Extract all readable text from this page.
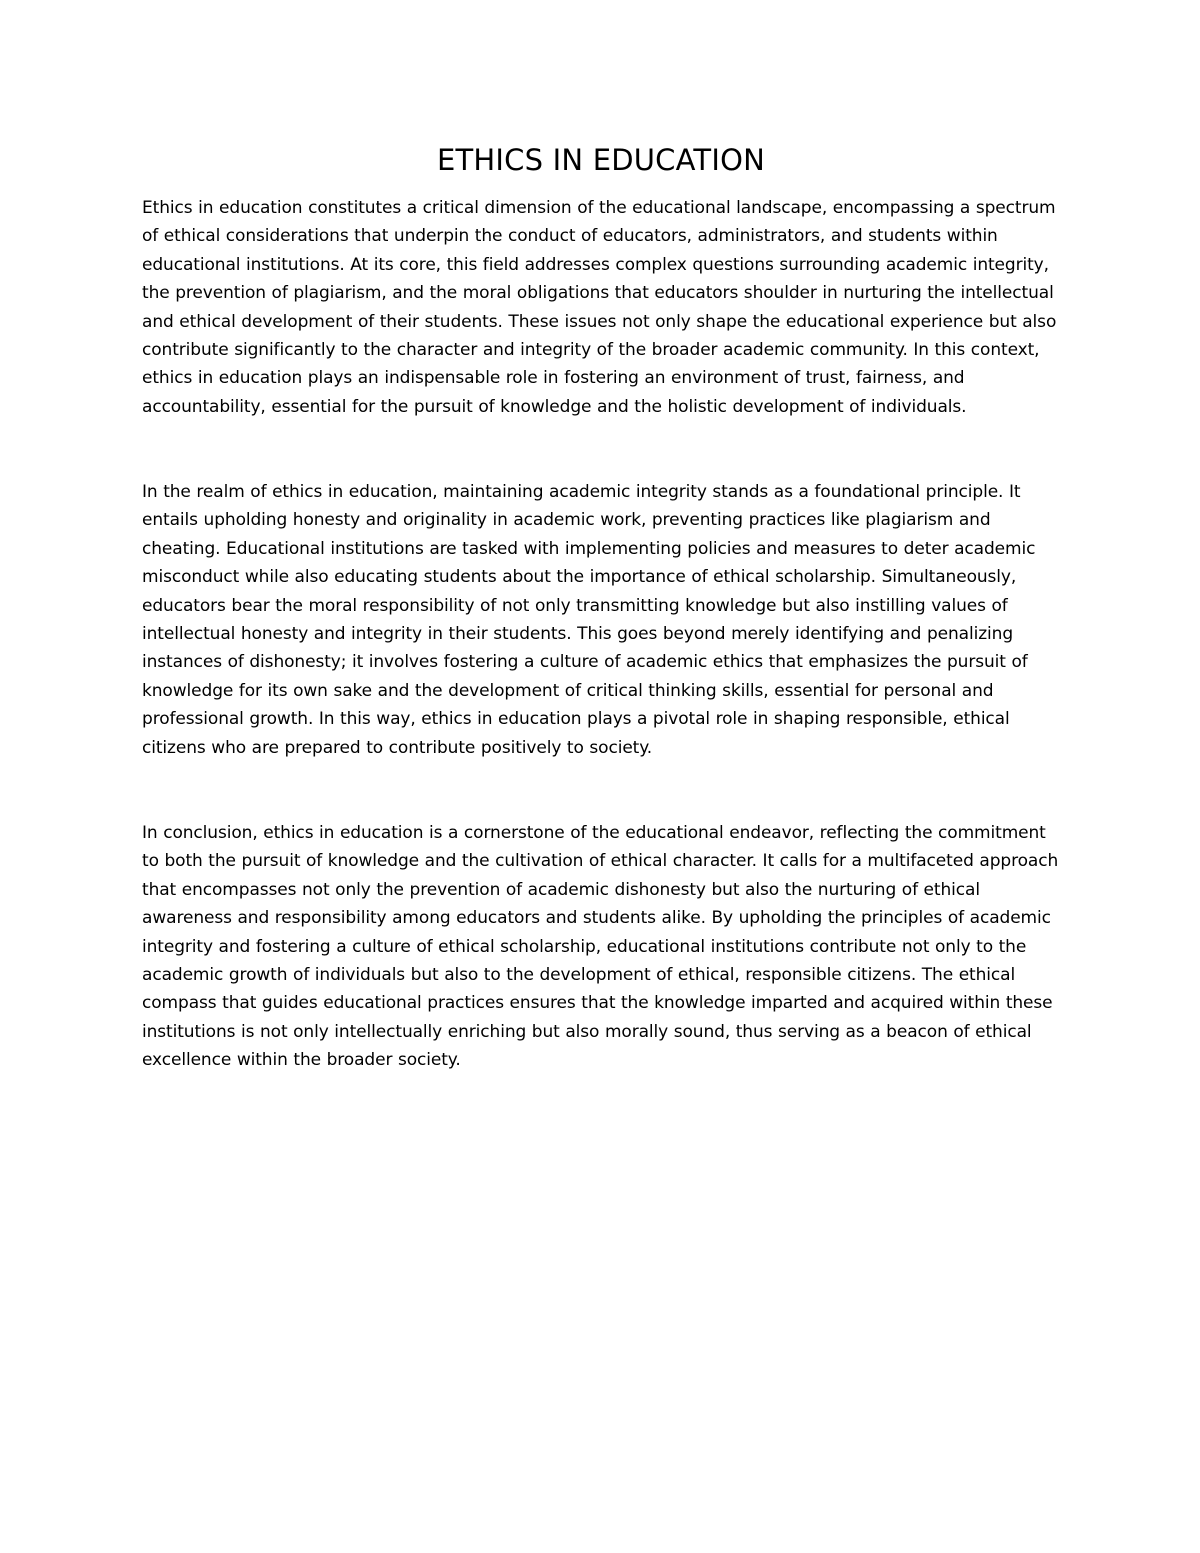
ETHICS IN EDUCATION

Ethics in education constitutes a critical dimension of the educational landscape, encompassing a spectrum of ethical considerations that underpin the conduct of educators, administrators, and students within educational institutions. At its core, this field addresses complex questions surrounding academic integrity, the prevention of plagiarism, and the moral obligations that educators shoulder in nurturing the intellectual and ethical development of their students. These issues not only shape the educational experience but also contribute significantly to the character and integrity of the broader academic community. In this context, ethics in education plays an indispensable role in fostering an environment of trust, fairness, and accountability, essential for the pursuit of knowledge and the holistic development of individuals.

In the realm of ethics in education, maintaining academic integrity stands as a foundational principle. It entails upholding honesty and originality in academic work, preventing practices like plagiarism and cheating. Educational institutions are tasked with implementing policies and measures to deter academic misconduct while also educating students about the importance of ethical scholarship. Simultaneously, educators bear the moral responsibility of not only transmitting knowledge but also instilling values of intellectual honesty and integrity in their students. This goes beyond merely identifying and penalizing instances of dishonesty; it involves fostering a culture of academic ethics that emphasizes the pursuit of knowledge for its own sake and the development of critical thinking skills, essential for personal and professional growth. In this way, ethics in education plays a pivotal role in shaping responsible, ethical citizens who are prepared to contribute positively to society.

In conclusion, ethics in education is a cornerstone of the educational endeavor, reflecting the commitment to both the pursuit of knowledge and the cultivation of ethical character. It calls for a multifaceted approach that encompasses not only the prevention of academic dishonesty but also the nurturing of ethical awareness and responsibility among educators and students alike. By upholding the principles of academic integrity and fostering a culture of ethical scholarship, educational institutions contribute not only to the academic growth of individuals but also to the development of ethical, responsible citizens. The ethical compass that guides educational practices ensures that the knowledge imparted and acquired within these institutions is not only intellectually enriching but also morally sound, thus serving as a beacon of ethical excellence within the broader society.
